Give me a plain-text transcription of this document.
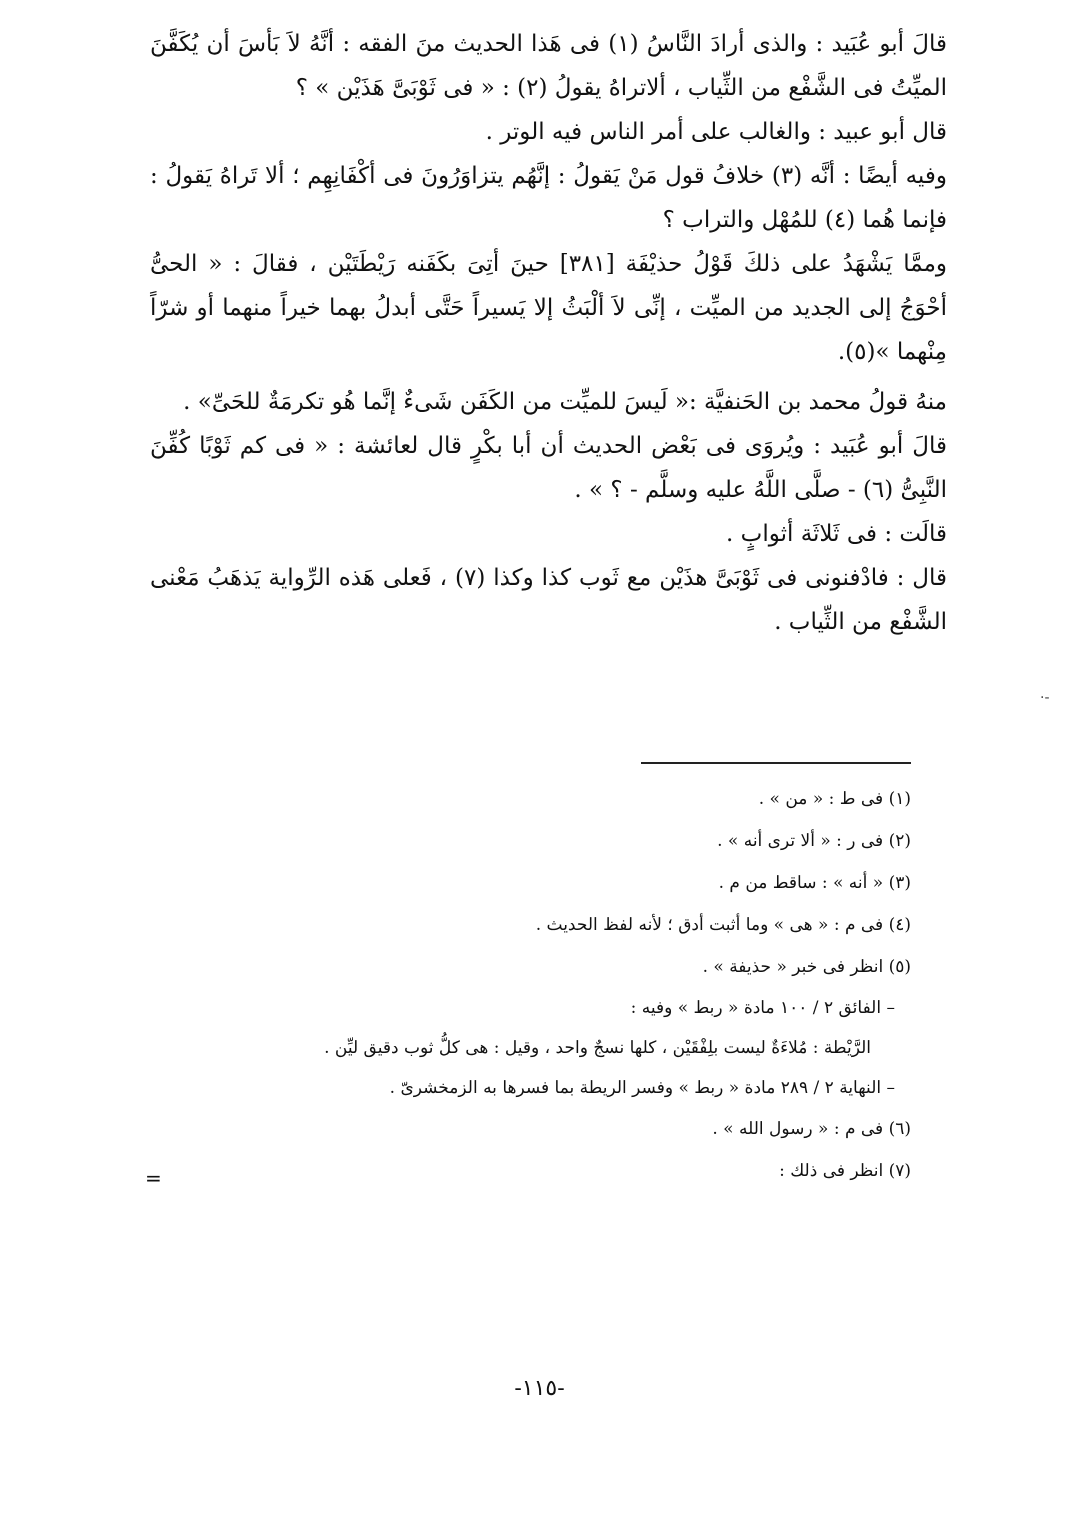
قالَ أبو عُبَيد : والذى أرادَ النَّاسُ (١) فى هَذا الحديث منَ الفقه : أنَّهُ لاَ بَأسَ أن يُكَفَّنَ الميِّتُ فى الشَّفْع من الثِّياب ، ألاتراهُ يقولُ (٢) : « فى ثَوْبَىَّ هَذَيْن » ؟

قال أبو عبيد : والغالب على أمر الناس فيه الوتر .

وفيه أيضًا : أنَّه (٣) خلافُ قول مَنْ يَقولُ : إنَّهُم يتزاوَرُونَ فى أكْفَانِهِم ؛ ألا تَراهُ يَقولُ : فإنما هُما (٤) للمُهْل والتراب ؟

وممَّا يَشْهَدُ على ذلكَ قَوْلُ حذيْفَة [٣٨١] حينَ أتِىَ بكَفَنه رَيْطَتَيْن ، فقالَ : « الحىُّ أحْوَجُ إلى الجديد من الميِّت ، إنِّى لاَ ألْبَثُ إلا يَسيراً حَتَّى أبدلُ بهما خيراً منهما أو شرّاً مِنْهما »(٥).

منهُ قولُ محمد بن الحَنفيَّة :« لَيسَ للميِّت من الكَفَن شَىءٌ إنَّما هُو تكرمَةٌ للحَىِّ» .

قالَ أبو عُبَيد : ويُروَى فى بَعْض الحديث أن أبا بكْرٍ قال لعائشة : « فى كم ثَوْبًا كُفِّنَ النَّبِىُّ (٦) - صلَّى اللَّهُ عليه وسلَّم - ؟ » .

قالَت : فى ثَلاثَة أثوابٍ .

قال : فادْفنونى فى ثَوْبَىَّ هذَيْن مع ثَوب كذا وكذا (٧) ، فَعلى هَذه الرِّواية يَذهَبُ مَعْنى الشَّفْع من الثِّياب .

·-
(١) فى ط : « من » .
(٢) فى ر : « ألا ترى أنه » .
(٣) « أنه » : ساقط من م .
(٤) فى م : « هى » وما أثبت أدق ؛ لأنه لفظ الحديث .
(٥) انظر فى خبر « حذيفة » .
– الفائق ٢ / ١٠٠ مادة « ربط » وفيه :
الرَّيْطة : مُلاءَةٌ ليست بلِفْقَيْن ، كلها نسجٌ واحد ، وقيل : هى كلُّ ثوب دقيق ليِّن .
– النهاية ٢ / ٢٨٩ مادة « ربط » وفسر الريطة بما فسرها به الزمخشرىّ .
(٦) فى م : « رسول الله » .
(٧) انظر فى ذلك :
=
-١١٥-
